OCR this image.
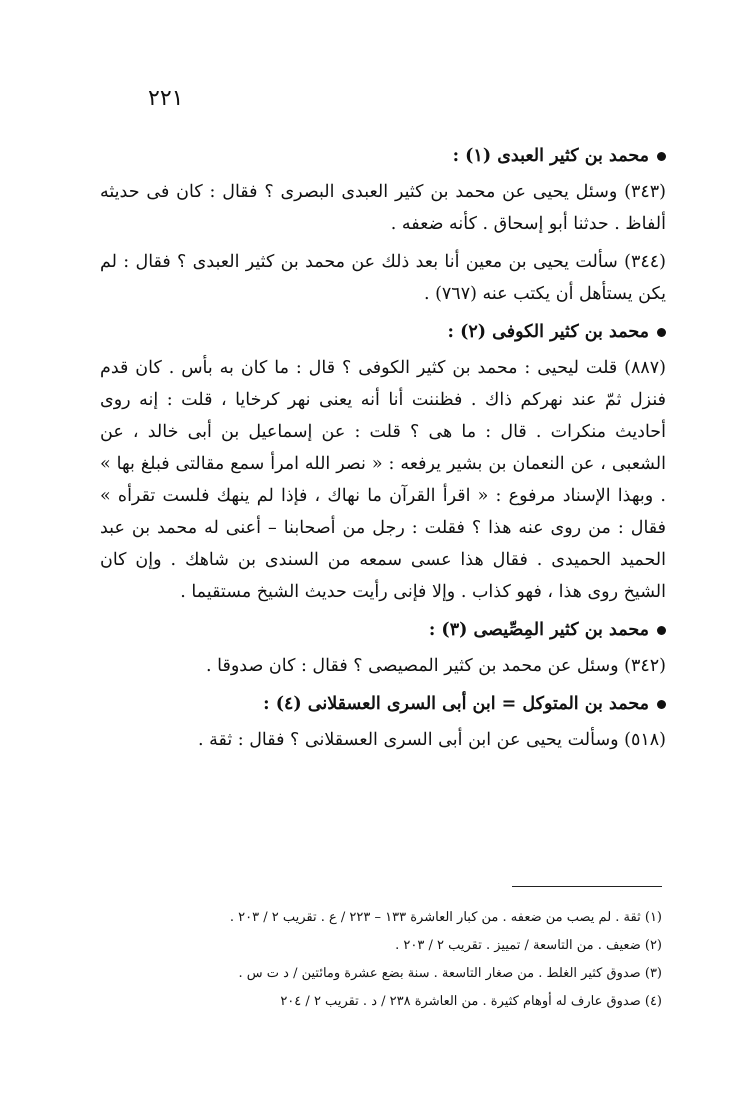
٢٢١
محمد بن كثير العبدى (١) :

(٣٤٣) وسئل يحيى عن محمد بن كثير العبدى البصرى ؟ فقال : كان فى حديثه ألفاظ . حدثنا أبو إسحاق . كأنه ضعفه .

(٣٤٤) سألت يحيى بن معين أنا بعد ذلك عن محمد بن كثير العبدى ؟ فقال : لم يكن يستأهل أن يكتب عنه (٧٦٧) .

محمد بن كثير الكوفى (٢) :

(٨٨٧) قلت ليحيى : محمد بن كثير الكوفى ؟ قال : ما كان به بأس . كان قدم فنزل ثمّ عند نهركم ذاك . فظننت أنا أنه يعنى نهر كرخايا ، قلت : إنه روى أحاديث منكرات . قال : ما هى ؟ قلت : عن إسماعيل بن أبى خالد ، عن الشعبى ، عن النعمان بن بشير يرفعه : « نصر الله امرأ سمع مقالتى فبلغ بها » . وبهذا الإسناد مرفوع : « اقرأ القرآن ما نهاك ، فإذا لم ينهك فلست تقرأه » فقال : من روى عنه هذا ؟ فقلت : رجل من أصحابنا – أعنى له محمد بن عبد الحميد الحميدى . فقال هذا عسى سمعه من السندى بن شاهك . وإن كان الشيخ روى هذا ، فهو كذاب . وإلا فإنى رأيت حديث الشيخ مستقيما .

محمد بن كثير المِصِّيصى (٣) :

(٣٤٢) وسئل عن محمد بن كثير المصيصى ؟ فقال : كان صدوقا .

محمد بن المتوكل = ابن أبى السرى العسقلانى (٤) :

(٥١٨) وسألت يحيى عن ابن أبى السرى العسقلانى ؟ فقال : ثقة .

(١) ثقة . لم يصب من ضعفه . من كبار العاشرة ١٣٣ – ٢٢٣ / ع . تقريب ٢ / ٢٠٣ .

(٢) ضعيف . من التاسعة / تمييز . تقريب ٢ / ٢٠٣ .

(٣) صدوق كثير الغلط . من صغار التاسعة . سنة بضع عشرة ومائتين / د ت س .

(٤) صدوق عارف له أوهام كثيرة . من العاشرة ٢٣٨ / د . تقريب ٢ / ٢٠٤
